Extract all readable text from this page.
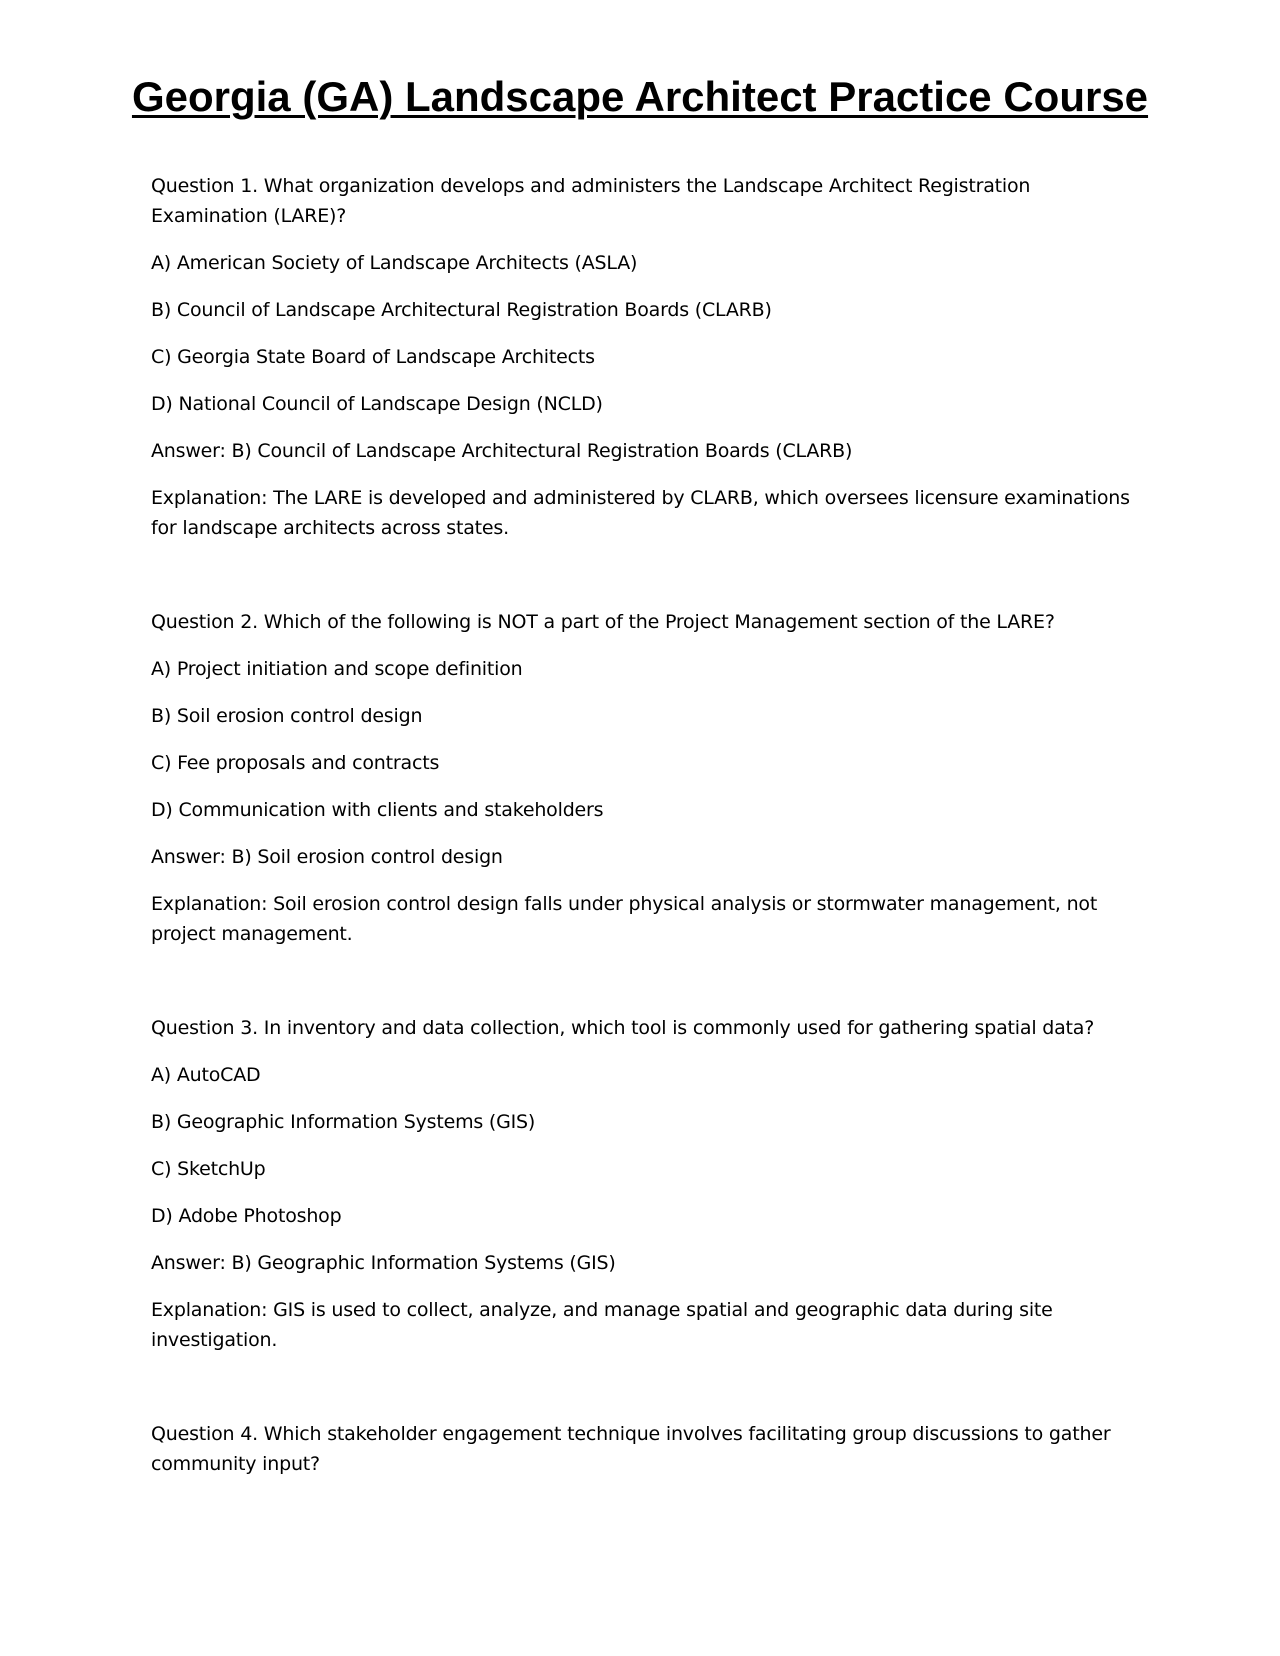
Georgia (GA) Landscape Architect Practice Course

Question 1. What organization develops and administers the Landscape Architect Registration Examination (LARE)?

A) American Society of Landscape Architects (ASLA)
B) Council of Landscape Architectural Registration Boards (CLARB)
C) Georgia State Board of Landscape Architects
D) National Council of Landscape Design (NCLD)

Answer: B) Council of Landscape Architectural Registration Boards (CLARB)

Explanation: The LARE is developed and administered by CLARB, which oversees licensure examinations for landscape architects across states.

Question 2. Which of the following is NOT a part of the Project Management section of the LARE?

A) Project initiation and scope definition
B) Soil erosion control design
C) Fee proposals and contracts
D) Communication with clients and stakeholders

Answer: B) Soil erosion control design

Explanation: Soil erosion control design falls under physical analysis or stormwater management, not project management.

Question 3. In inventory and data collection, which tool is commonly used for gathering spatial data?

A) AutoCAD
B) Geographic Information Systems (GIS)
C) SketchUp
D) Adobe Photoshop

Answer: B) Geographic Information Systems (GIS)

Explanation: GIS is used to collect, analyze, and manage spatial and geographic data during site investigation.

Question 4. Which stakeholder engagement technique involves facilitating group discussions to gather community input?
